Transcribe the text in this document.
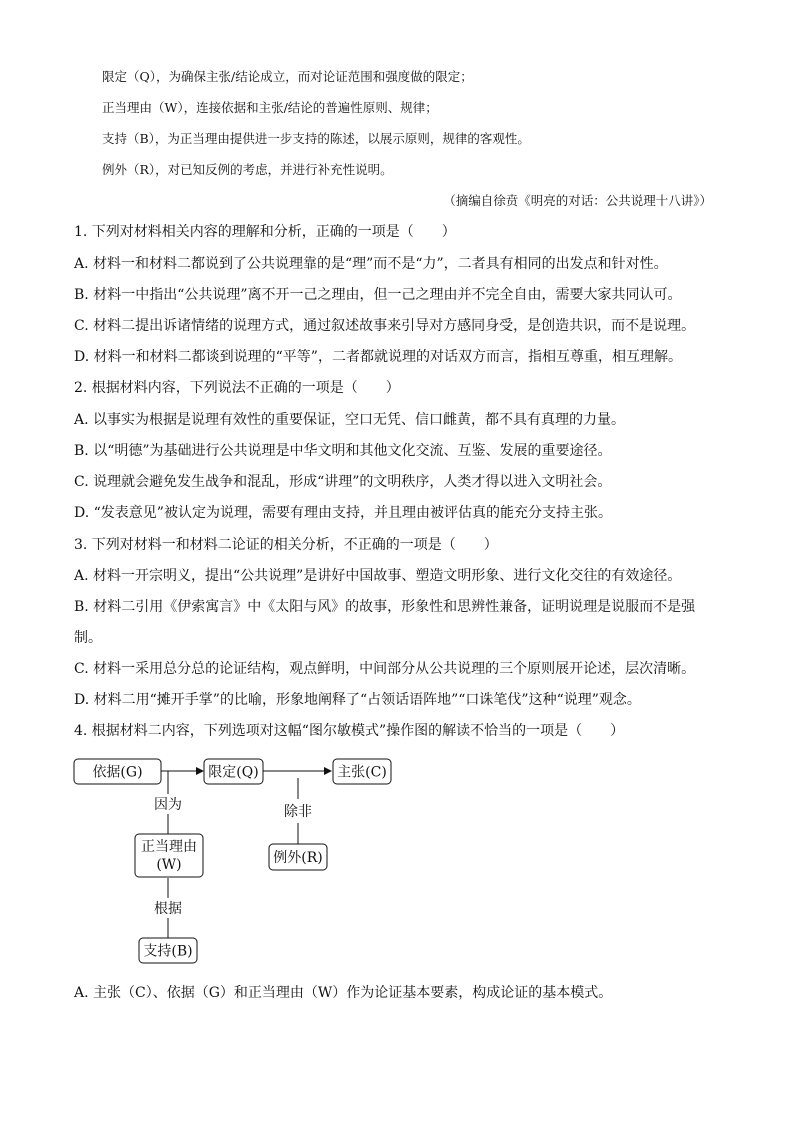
限定（Q），为确保主张/结论成立，而对论证范围和强度做的限定；
正当理由（W），连接依据和主张/结论的普遍性原则、规律；
支持（B），为正当理由提供进一步支持的陈述，以展示原则，规律的客观性。
例外（R），对已知反例的考虑，并进行补充性说明。
（摘编自徐贲《明亮的对话：公共说理十八讲》）
1. 下列对材料相关内容的理解和分析，正确的一项是（　　）
A. 材料一和材料二都说到了公共说理靠的是“理”而不是“力”，二者具有相同的出发点和针对性。
B. 材料一中指出“公共说理”离不开一己之理由，但一己之理由并不完全自由，需要大家共同认可。
C. 材料二提出诉诸情绪的说理方式，通过叙述故事来引导对方感同身受，是创造共识，而不是说理。
D. 材料一和材料二都谈到说理的“平等”，二者都就说理的对话双方而言，指相互尊重，相互理解。
2. 根据材料内容，下列说法不正确的一项是（　　）
A. 以事实为根据是说理有效性的重要保证，空口无凭、信口雌黄，都不具有真理的力量。
B. 以“明德”为基础进行公共说理是中华文明和其他文化交流、互鉴、发展的重要途径。
C. 说理就会避免发生战争和混乱，形成“讲理”的文明秩序，人类才得以进入文明社会。
D. “发表意见”被认定为说理，需要有理由支持，并且理由被评估真的能充分支持主张。
3. 下列对材料一和材料二论证的相关分析，不正确的一项是（　　）
A. 材料一开宗明义，提出“公共说理”是讲好中国故事、塑造文明形象、进行文化交往的有效途径。
B. 材料二引用《伊索寓言》中《太阳与风》的故事，形象性和思辨性兼备，证明说理是说服而不是强
制。
C. 材料一采用总分总的论证结构，观点鲜明，中间部分从公共说理的三个原则展开论述，层次清晰。
D. 材料二用“摊开手掌”的比喻，形象地阐释了“占领话语阵地”“口诛笔伐”这种“说理”观念。
4. 根据材料二内容，下列选项对这幅“图尔敏模式”操作图的解读不恰当的一项是（　　）
依据(G)	限定(Q)	主张(C)
因为	除非
正当理由
(W)	例外(R)
根据
支持(B)
A. 主张（C）、依据（G）和正当理由（W）作为论证基本要素，构成论证的基本模式。
